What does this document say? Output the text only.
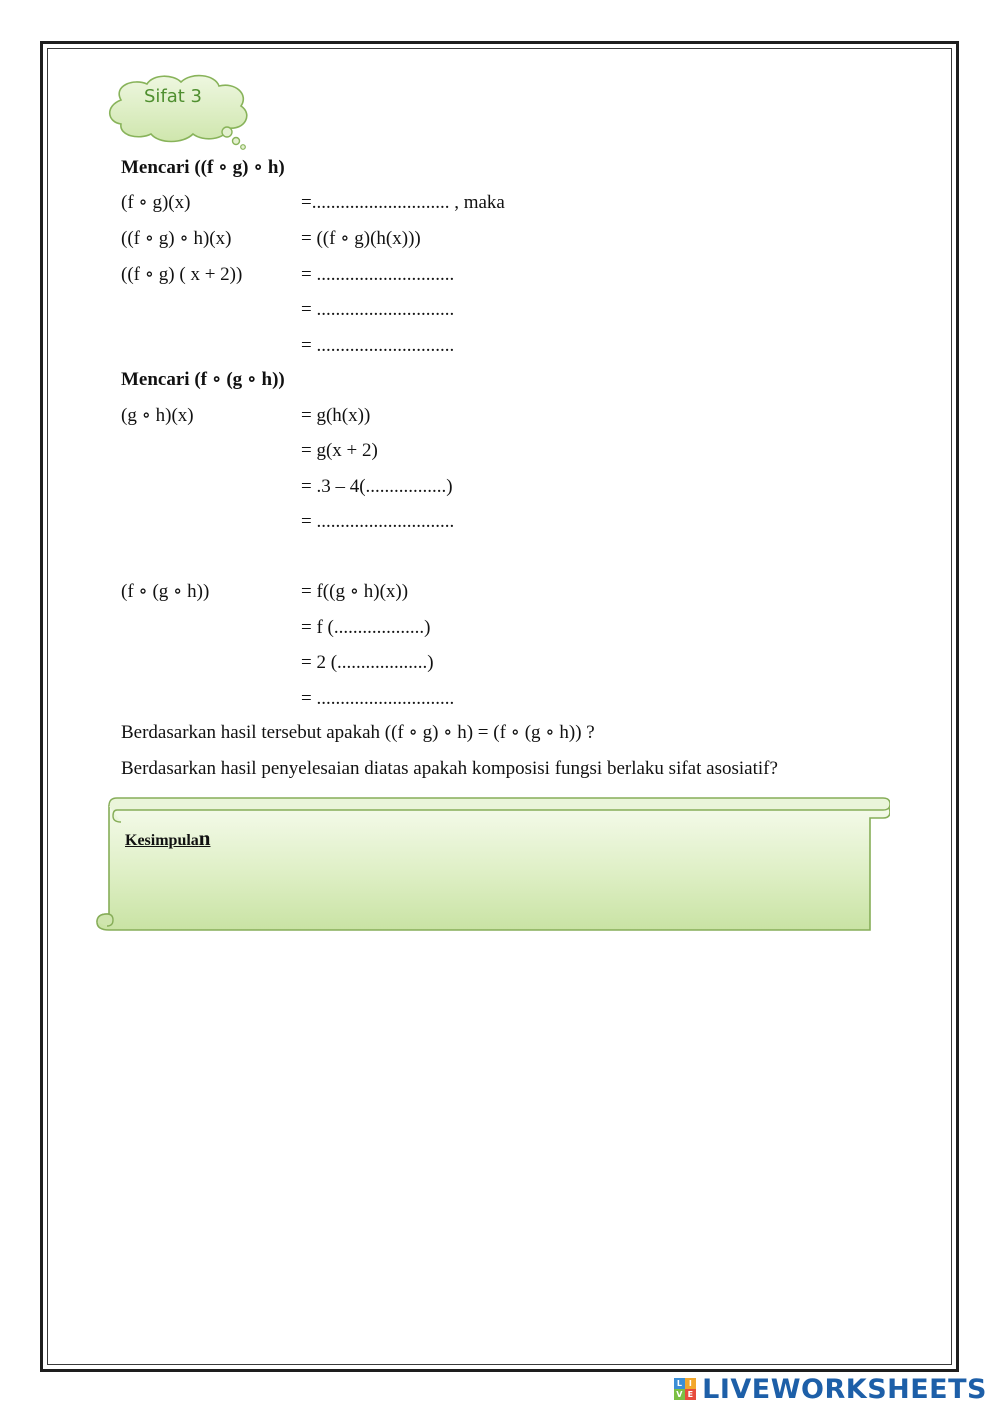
Sifat 3
Mencari ((f ∘ g) ∘ h)
(f ∘ g)(x)	=............................. , maka
((f ∘ g) ∘ h)(x)	= ((f ∘ g)(h(x)))
((f ∘ g) ( x + 2))	= .............................
= .............................
= .............................
Mencari (f ∘ (g ∘ h))
(g ∘ h)(x)	= g(h(x))
= g(x + 2)
= .3 – 4(.................)
= .............................
(f ∘ (g ∘ h))	= f((g ∘ h)(x))
= f (...................)
= 2 (...................)
= .............................
Berdasarkan hasil tersebut apakah ((f ∘ g) ∘ h) = (f ∘ (g ∘ h)) ?
Berdasarkan hasil penyelesaian diatas apakah komposisi fungsi berlaku sifat asosiatif?
Kesimpulan
L I
V E LIVEWORKSHEETS
